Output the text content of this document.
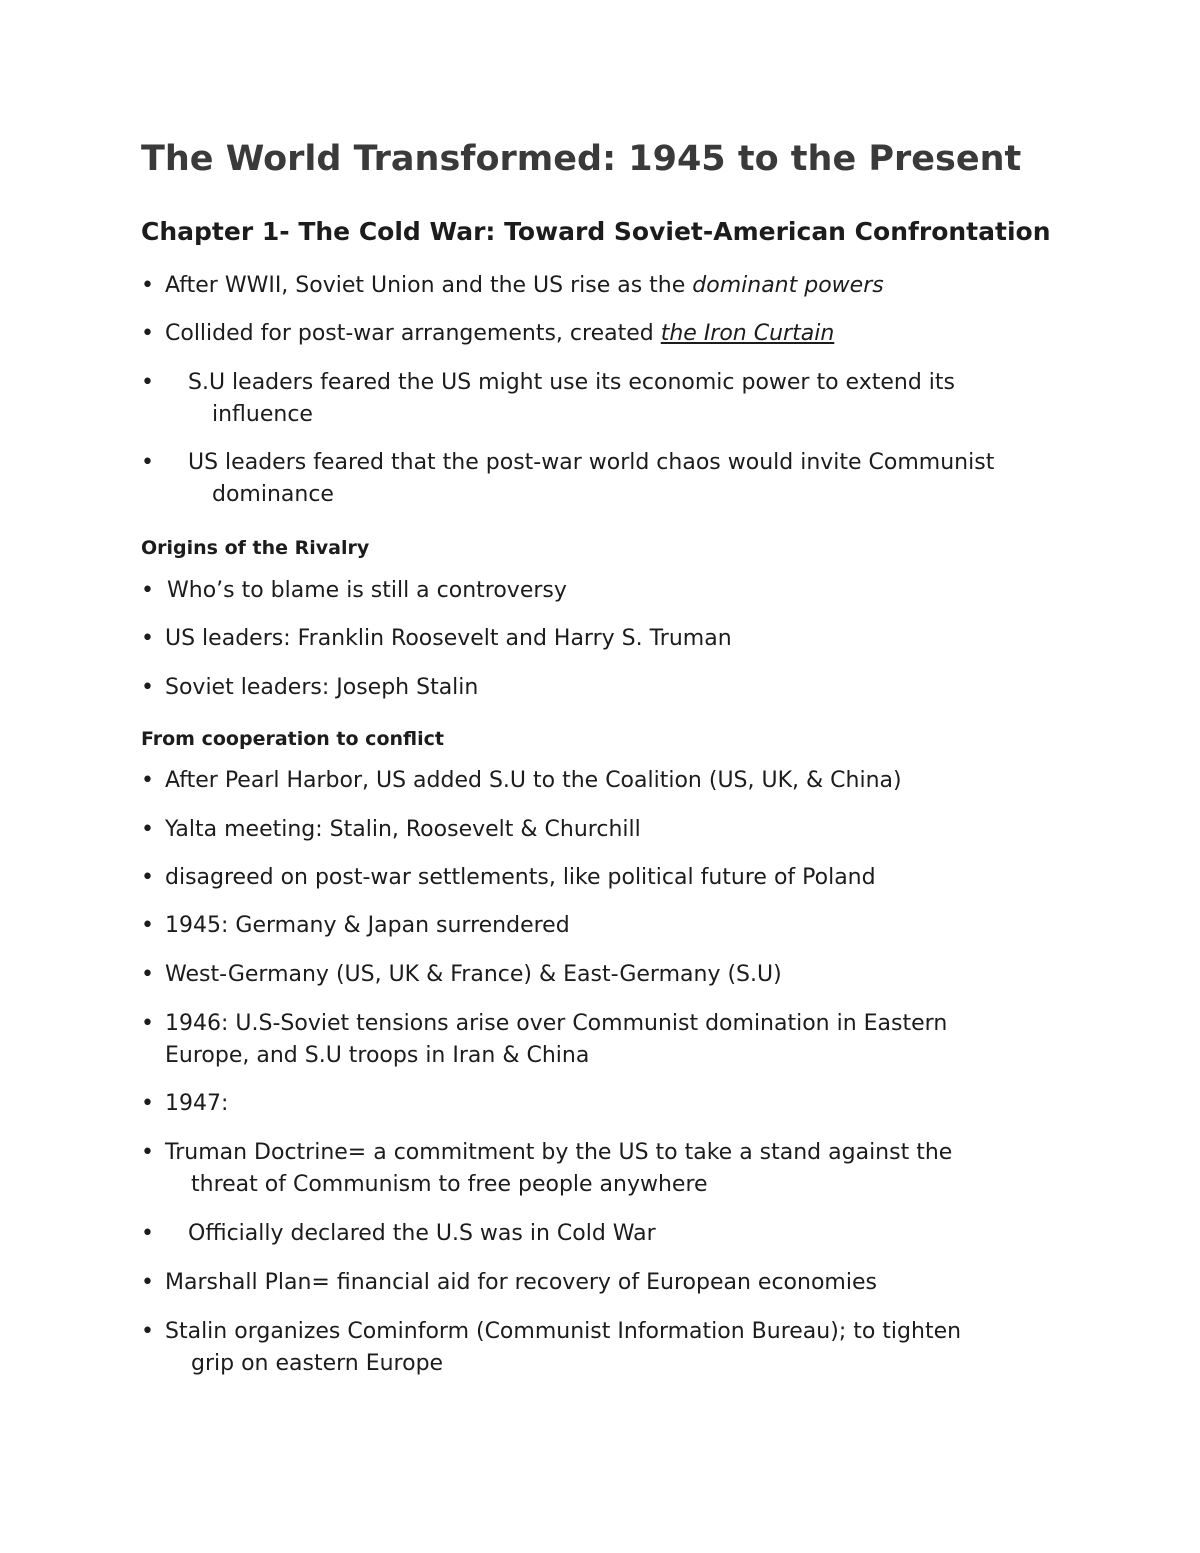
The World Transformed: 1945 to the Present
Chapter 1- The Cold War: Toward Soviet-American Confrontation
• After WWII, Soviet Union and the US rise as the dominant powers
• Collided for post-war arrangements, created the Iron Curtain
• S.U leaders feared the US might use its economic power to extend its
influence
• US leaders feared that the post-war world chaos would invite Communist
dominance
Origins of the Rivalry
• Who’s to blame is still a controversy
• US leaders: Franklin Roosevelt and Harry S. Truman
• Soviet leaders: Joseph Stalin
From cooperation to conflict
• After Pearl Harbor, US added S.U to the Coalition (US, UK, & China)
• Yalta meeting: Stalin, Roosevelt & Churchill
• disagreed on post-war settlements, like political future of Poland
• 1945: Germany & Japan surrendered
• West-Germany (US, UK & France) & East-Germany (S.U)
• 1946: U.S-Soviet tensions arise over Communist domination in Eastern
Europe, and S.U troops in Iran & China
• 1947:
• Truman Doctrine= a commitment by the US to take a stand against the
threat of Communism to free people anywhere
• Officially declared the U.S was in Cold War
• Marshall Plan= financial aid for recovery of European economies
• Stalin organizes Cominform (Communist Information Bureau); to tighten
grip on eastern Europe
